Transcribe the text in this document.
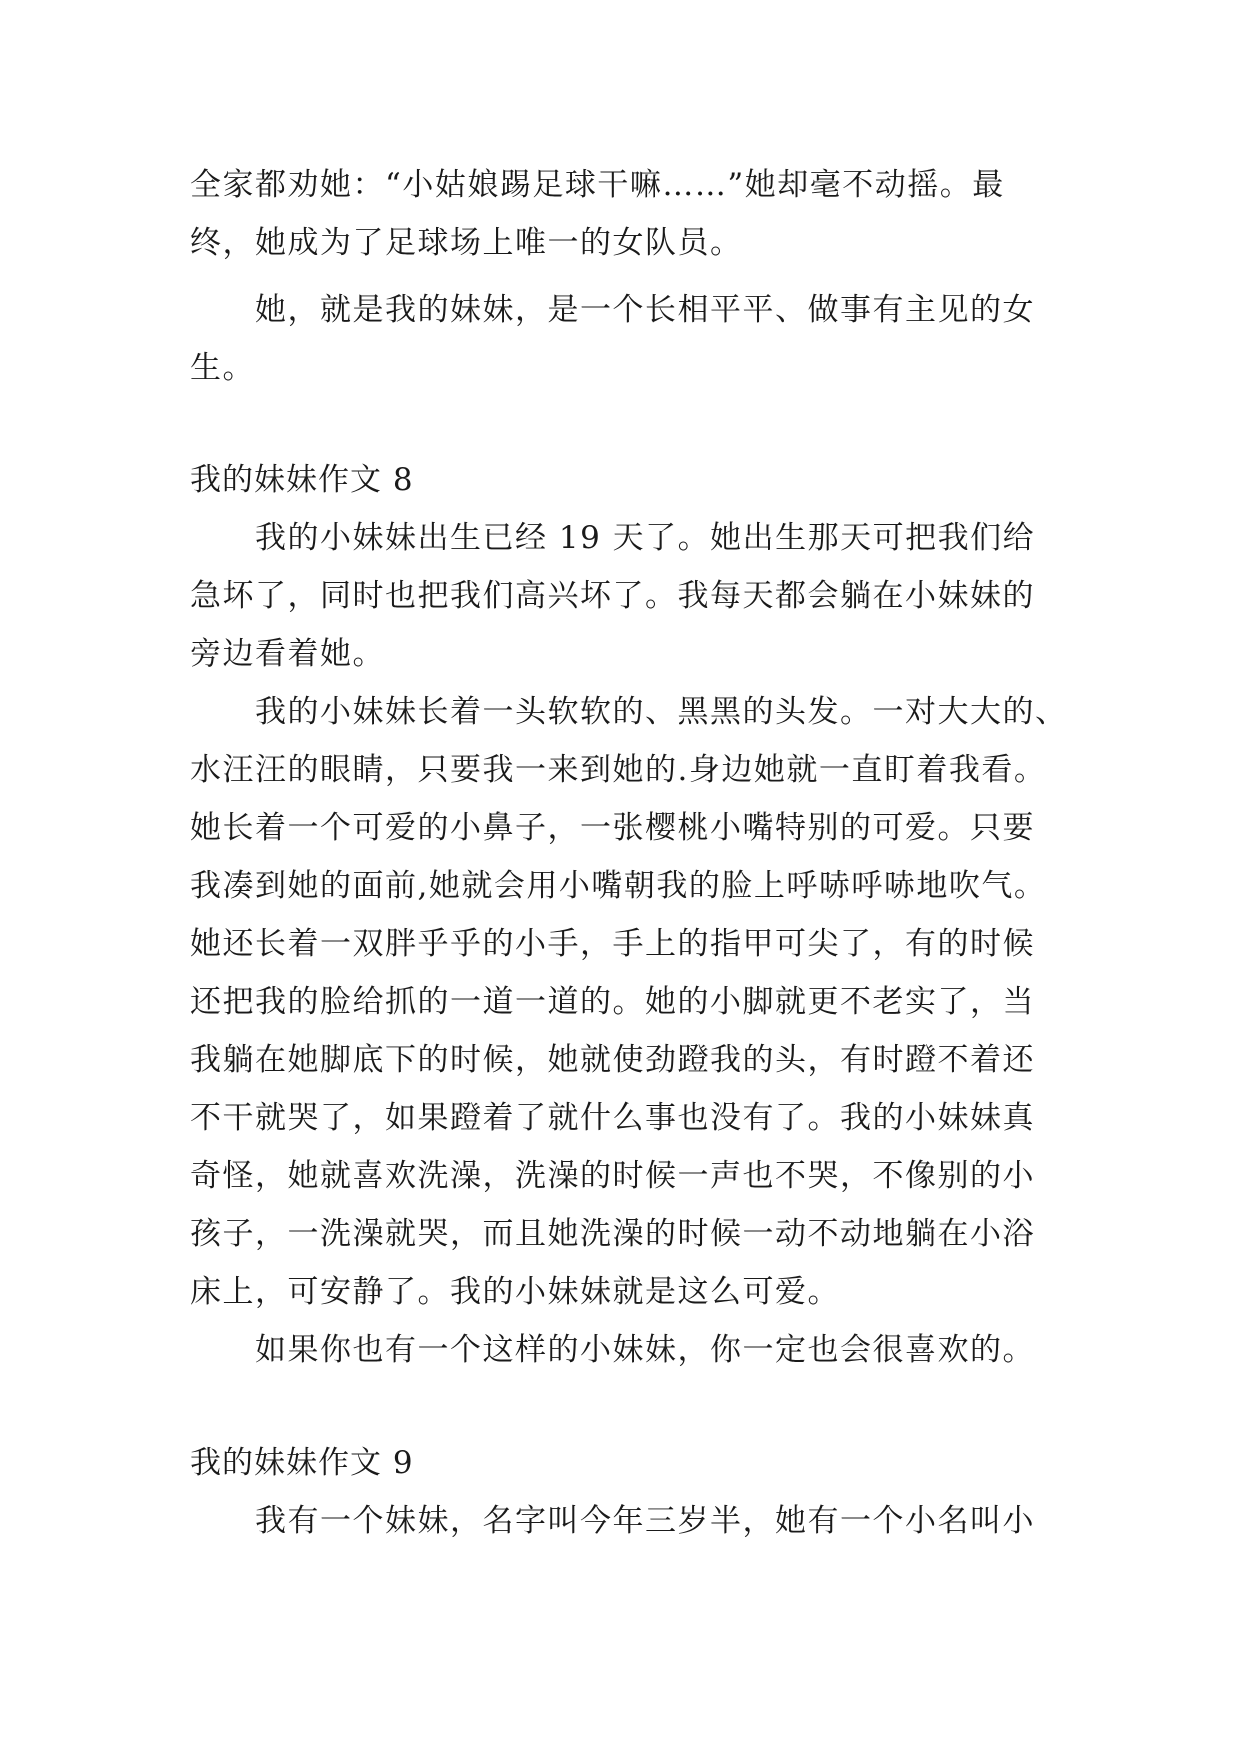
全家都劝她：“小姑娘踢足球干嘛……”她却毫不动摇。最
终，她成为了足球场上唯一的女队员。
她，就是我的妹妹，是一个长相平平、做事有主见的女
生。
我的妹妹作文 8
我的小妹妹出生已经 19 天了。她出生那天可把我们给
急坏了，同时也把我们高兴坏了。我每天都会躺在小妹妹的
旁边看着她。
我的小妹妹长着一头软软的、黑黑的头发。一对大大的、
水汪汪的眼睛，只要我一来到她的.身边她就一直盯着我看。
她长着一个可爱的小鼻子，一张樱桃小嘴特别的可爱。只要
我凑到她的面前,她就会用小嘴朝我的脸上呼哧呼哧地吹气。
她还长着一双胖乎乎的小手，手上的指甲可尖了，有的时候
还把我的脸给抓的一道一道的。她的小脚就更不老实了，当
我躺在她脚底下的时候，她就使劲蹬我的头，有时蹬不着还
不干就哭了，如果蹬着了就什么事也没有了。我的小妹妹真
奇怪，她就喜欢洗澡，洗澡的时候一声也不哭，不像别的小
孩子，一洗澡就哭，而且她洗澡的时候一动不动地躺在小浴
床上，可安静了。我的小妹妹就是这么可爱。
如果你也有一个这样的小妹妹，你一定也会很喜欢的。
我的妹妹作文 9
我有一个妹妹，名字叫今年三岁半，她有一个小名叫小
